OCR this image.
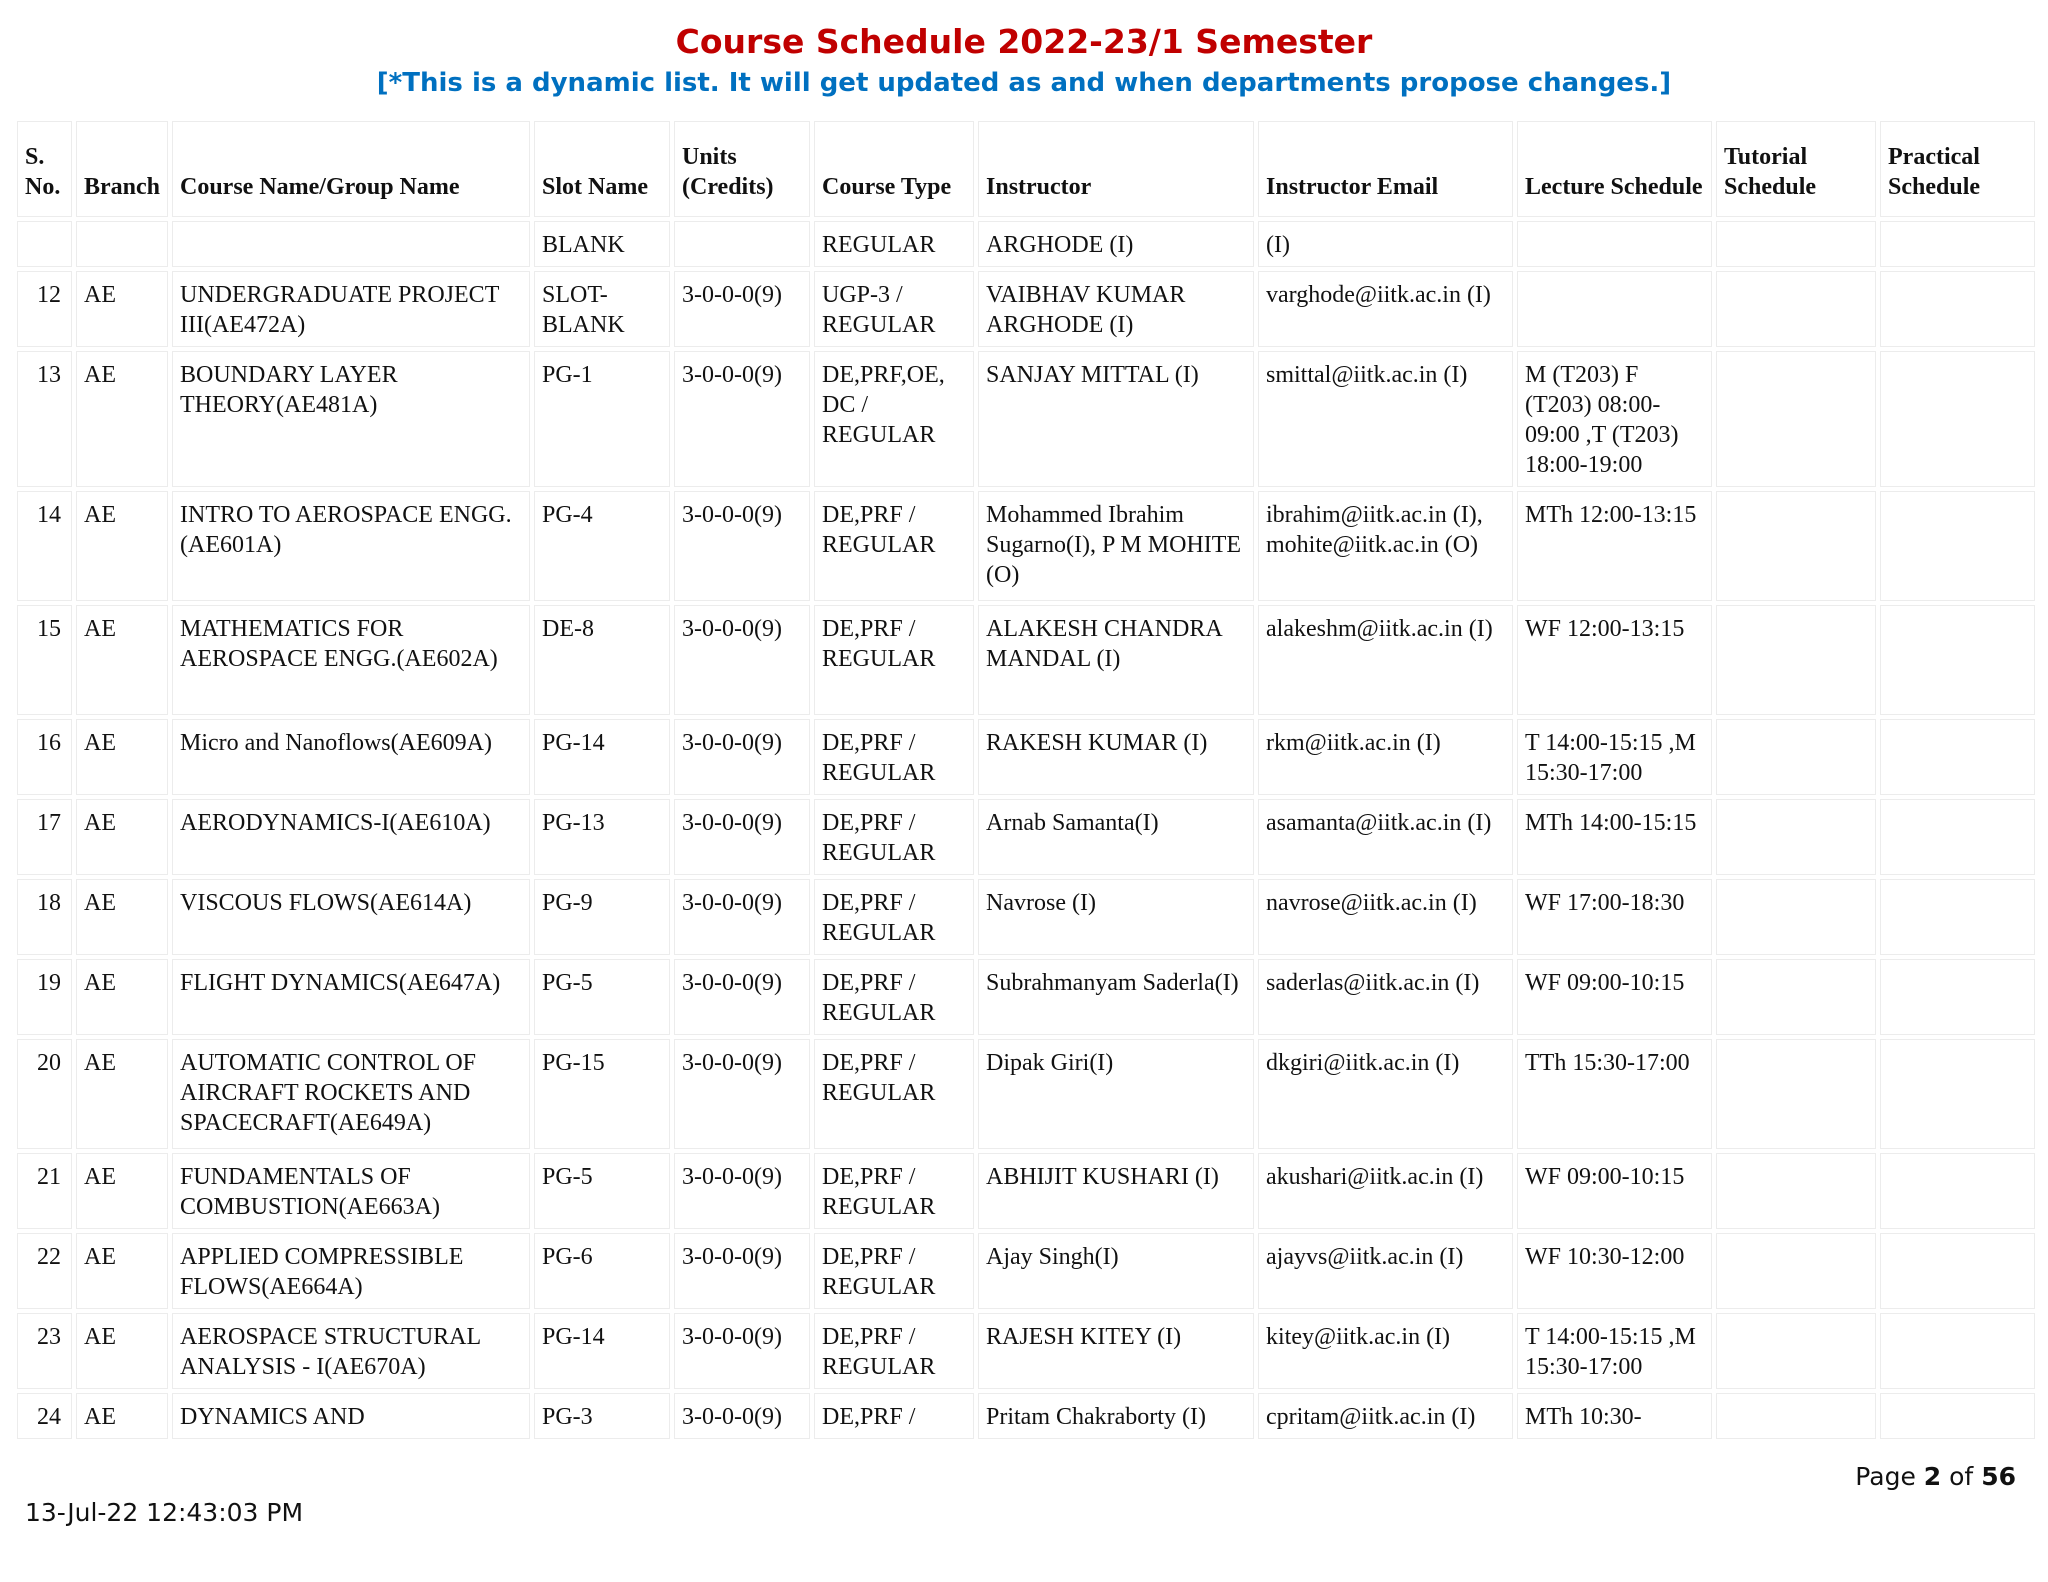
Course Schedule 2022-23/1 Semester
[*This is a dynamic list. It will get updated as and when departments propose changes.]
S. No.	Branch	Course Name/Group Name	Slot Name	Units (Credits)	Course Type	Instructor	Instructor Email	Lecture Schedule	Tutorial Schedule	Practical Schedule
			BLANK		REGULAR	ARGHODE (I)	(I)			
12	AE	UNDERGRADUATE PROJECT III(AE472A)	SLOT-BLANK	3-0-0-0(9)	UGP-3 / REGULAR	VAIBHAV KUMAR ARGHODE (I)	varghode@iitk.ac.in (I)			
13	AE	BOUNDARY LAYER THEORY(AE481A)	PG-1	3-0-0-0(9)	DE,PRF,OE, DC / REGULAR	SANJAY MITTAL (I)	smittal@iitk.ac.in (I)	M (T203) F (T203) 08:00-09:00 ,T (T203) 18:00-19:00		
14	AE	INTRO TO AEROSPACE ENGG.(AE601A)	PG-4	3-0-0-0(9)	DE,PRF / REGULAR	Mohammed Ibrahim Sugarno(I), P M MOHITE (O)	ibrahim@iitk.ac.in (I), mohite@iitk.ac.in (O)	MTh 12:00-13:15		
15	AE	MATHEMATICS FOR AEROSPACE ENGG.(AE602A)	DE-8	3-0-0-0(9)	DE,PRF / REGULAR	ALAKESH CHANDRA MANDAL (I)	alakeshm@iitk.ac.in (I)	WF 12:00-13:15		
16	AE	Micro and Nanoflows(AE609A)	PG-14	3-0-0-0(9)	DE,PRF / REGULAR	RAKESH KUMAR (I)	rkm@iitk.ac.in (I)	T 14:00-15:15 ,M 15:30-17:00		
17	AE	AERODYNAMICS-I(AE610A)	PG-13	3-0-0-0(9)	DE,PRF / REGULAR	Arnab Samanta(I)	asamanta@iitk.ac.in (I)	MTh 14:00-15:15		
18	AE	VISCOUS FLOWS(AE614A)	PG-9	3-0-0-0(9)	DE,PRF / REGULAR	Navrose (I)	navrose@iitk.ac.in (I)	WF 17:00-18:30		
19	AE	FLIGHT DYNAMICS(AE647A)	PG-5	3-0-0-0(9)	DE,PRF / REGULAR	Subrahmanyam Saderla(I)	saderlas@iitk.ac.in (I)	WF 09:00-10:15		
20	AE	AUTOMATIC CONTROL OF AIRCRAFT ROCKETS AND SPACECRAFT(AE649A)	PG-15	3-0-0-0(9)	DE,PRF / REGULAR	Dipak Giri(I)	dkgiri@iitk.ac.in (I)	TTh 15:30-17:00		
21	AE	FUNDAMENTALS OF COMBUSTION(AE663A)	PG-5	3-0-0-0(9)	DE,PRF / REGULAR	ABHIJIT KUSHARI (I)	akushari@iitk.ac.in (I)	WF 09:00-10:15		
22	AE	APPLIED COMPRESSIBLE FLOWS(AE664A)	PG-6	3-0-0-0(9)	DE,PRF / REGULAR	Ajay Singh(I)	ajayvs@iitk.ac.in (I)	WF 10:30-12:00		
23	AE	AEROSPACE STRUCTURAL ANALYSIS - I(AE670A)	PG-14	3-0-0-0(9)	DE,PRF / REGULAR	RAJESH KITEY (I)	kitey@iitk.ac.in (I)	T 14:00-15:15 ,M 15:30-17:00		
24	AE	DYNAMICS AND	PG-3	3-0-0-0(9)	DE,PRF /	Pritam Chakraborty (I)	cpritam@iitk.ac.in (I)	MTh 10:30-		
Page 2 of 56
13-Jul-22 12:43:03 PM
